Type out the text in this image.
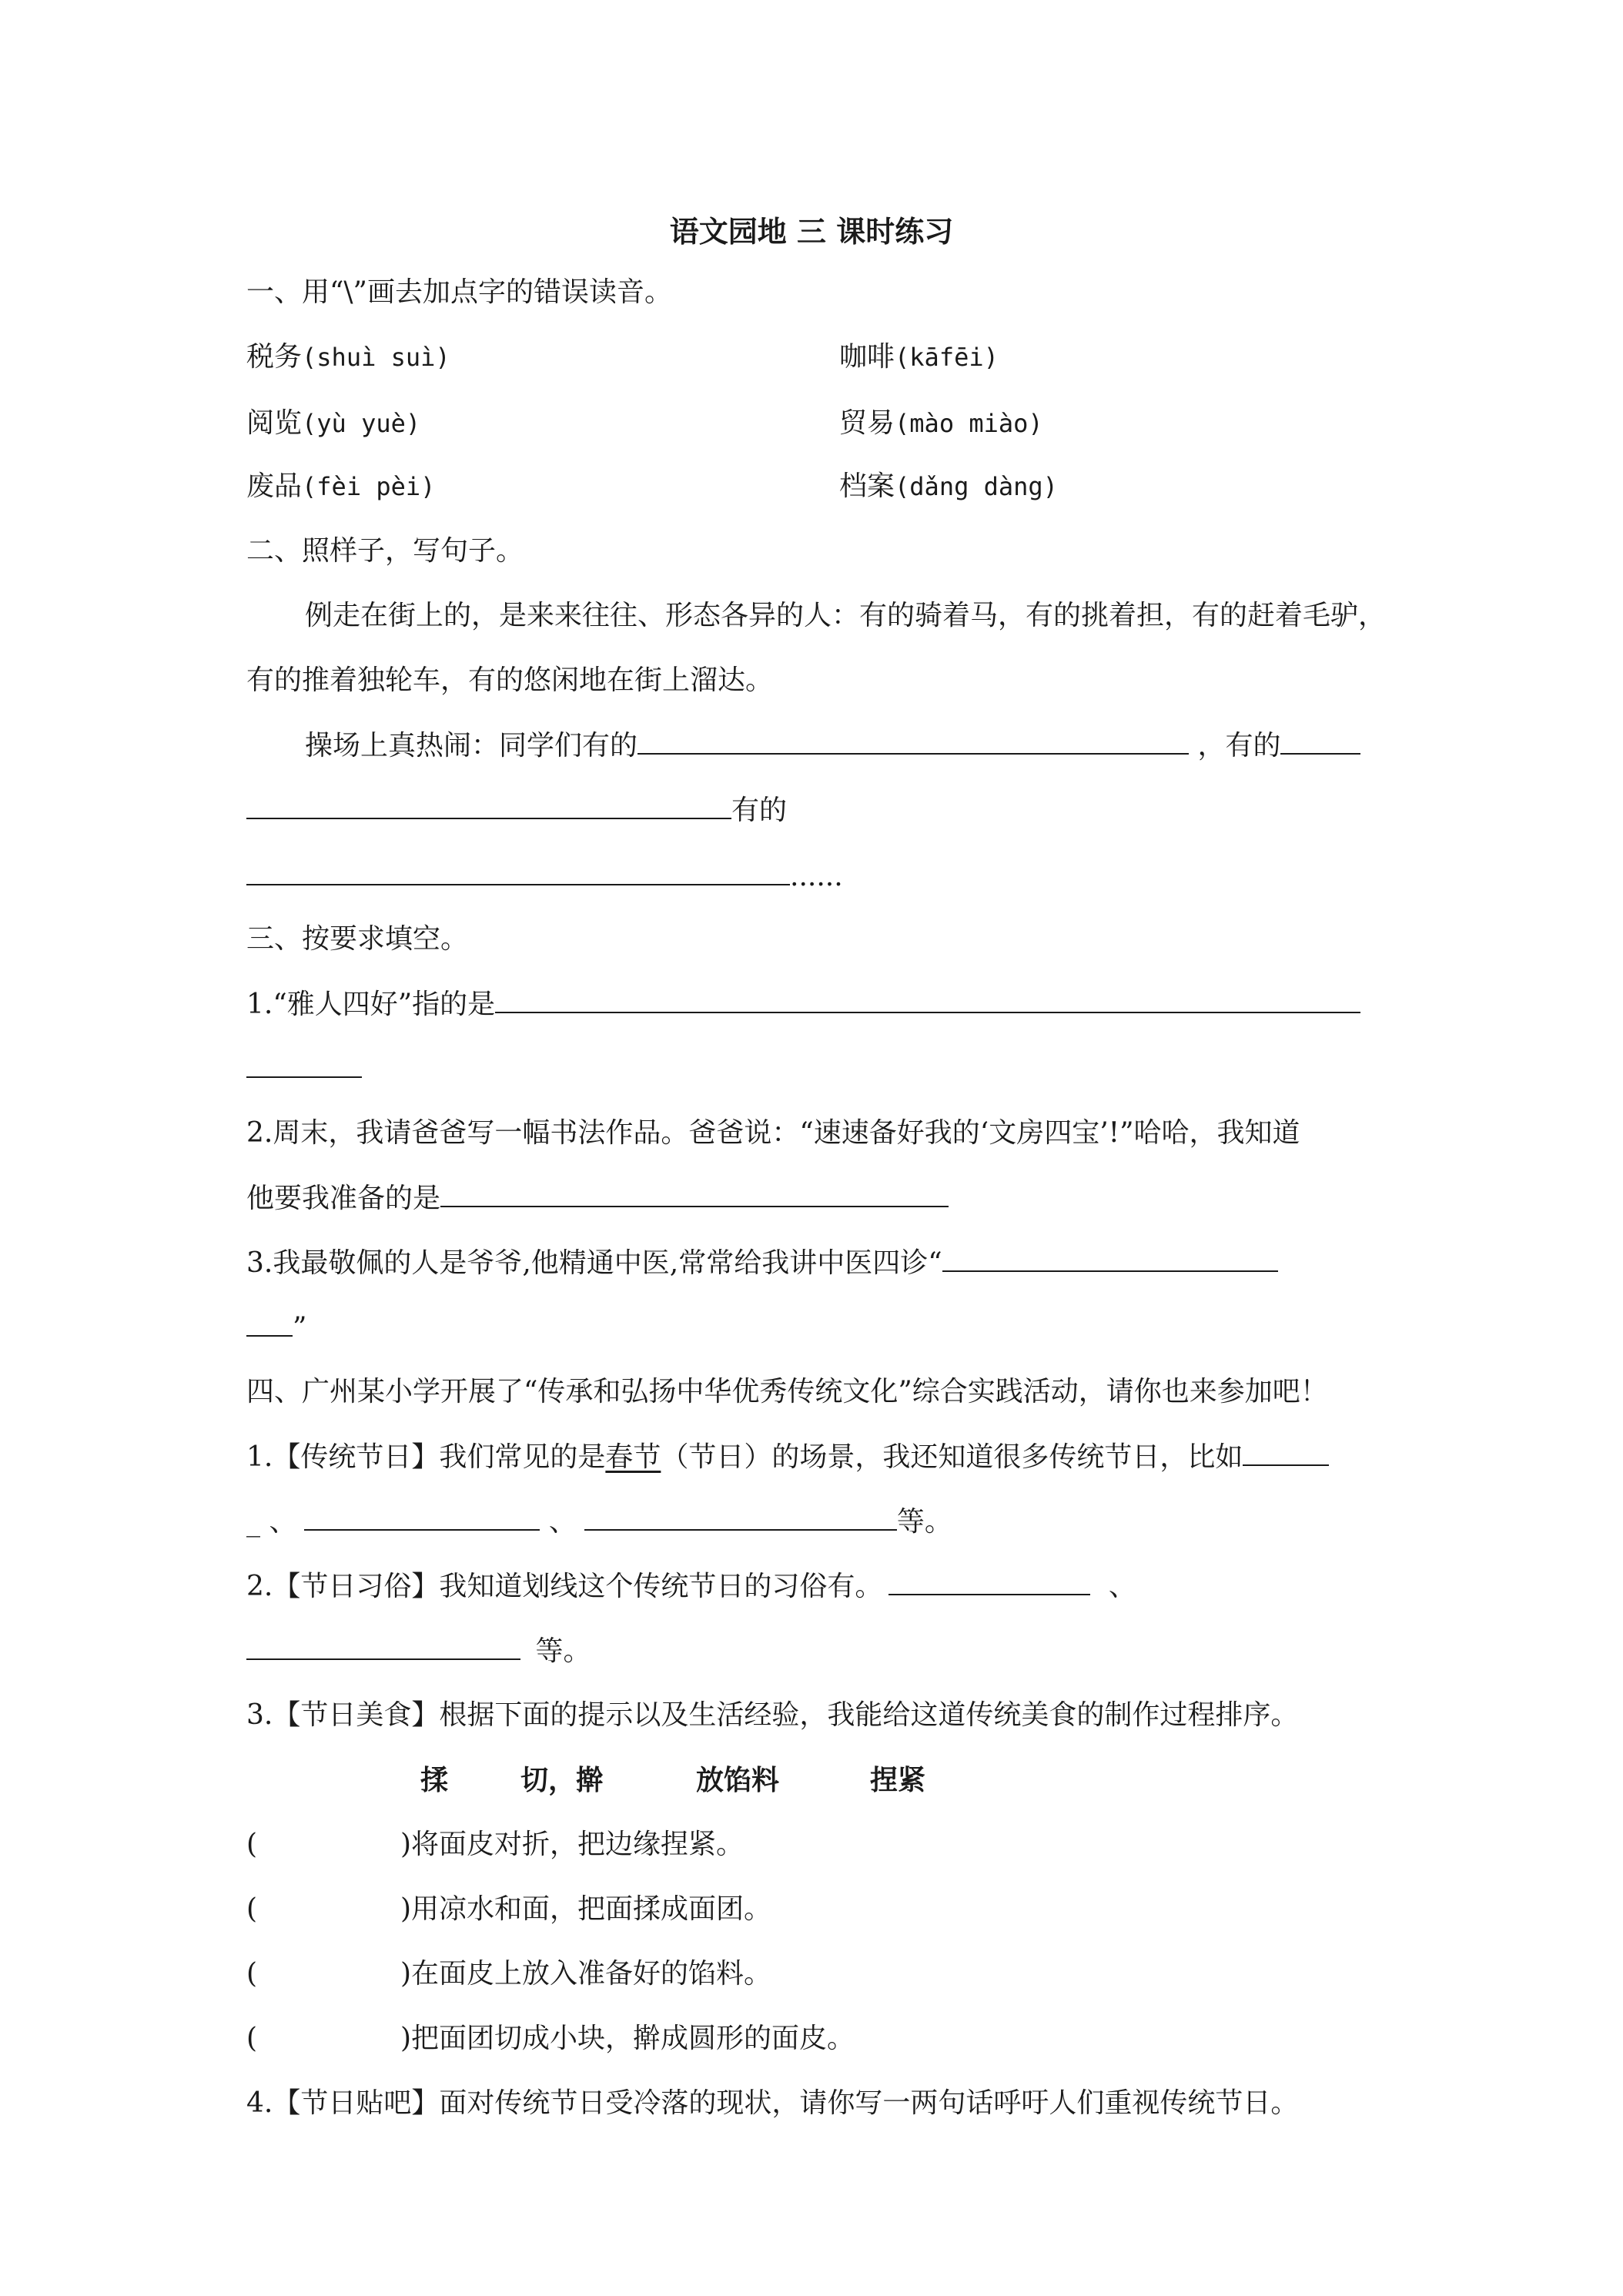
语文园地 三 课时练习
一、用“\”画去加点字的错误读音。
税务(shuì suì)	咖啡(kāfēi)
阅览(yù yuè)	贸易(mào miào)
废品(fèi pèi)	档案(dǎng dàng)
二、照样子，写句子。
例走在街上的，是来来往往、形态各异的人：有的骑着马，有的挑着担，有的赶着毛驴，
有的推着独轮车，有的悠闲地在街上溜达。
操场上真热闹：同学们有的	，有的
有的
......
三、按要求填空。
1.“雅人四好”指的是
2.周末，我请爸爸写一幅书法作品。爸爸说：“速速备好我的‘文房四宝’!”哈哈，我知道
他要我准备的是
3.我最敬佩的人是爷爷,他精通中医,常常给我讲中医四诊“
”
四、广州某小学开展了“传承和弘扬中华优秀传统文化”综合实践活动，请你也来参加吧！
1.【传统节日】我们常见的是春节（节日）的场景，我还知道很多传统节日，比如
_ 、	、	等。
2.【节日习俗】我知道划线这个传统节日的习俗有。	、
等。
3.【节日美食】根据下面的提示以及生活经验，我能给这道传统美食的制作过程排序。
揉	切，擀	放馅料	捏紧
(	)将面皮对折，把边缘捏紧。
(	)用凉水和面，把面揉成面团。
(	)在面皮上放入准备好的馅料。
(	)把面团切成小块，擀成圆形的面皮。
4.【节日贴吧】面对传统节日受冷落的现状，请你写一两句话呼吁人们重视传统节日。
